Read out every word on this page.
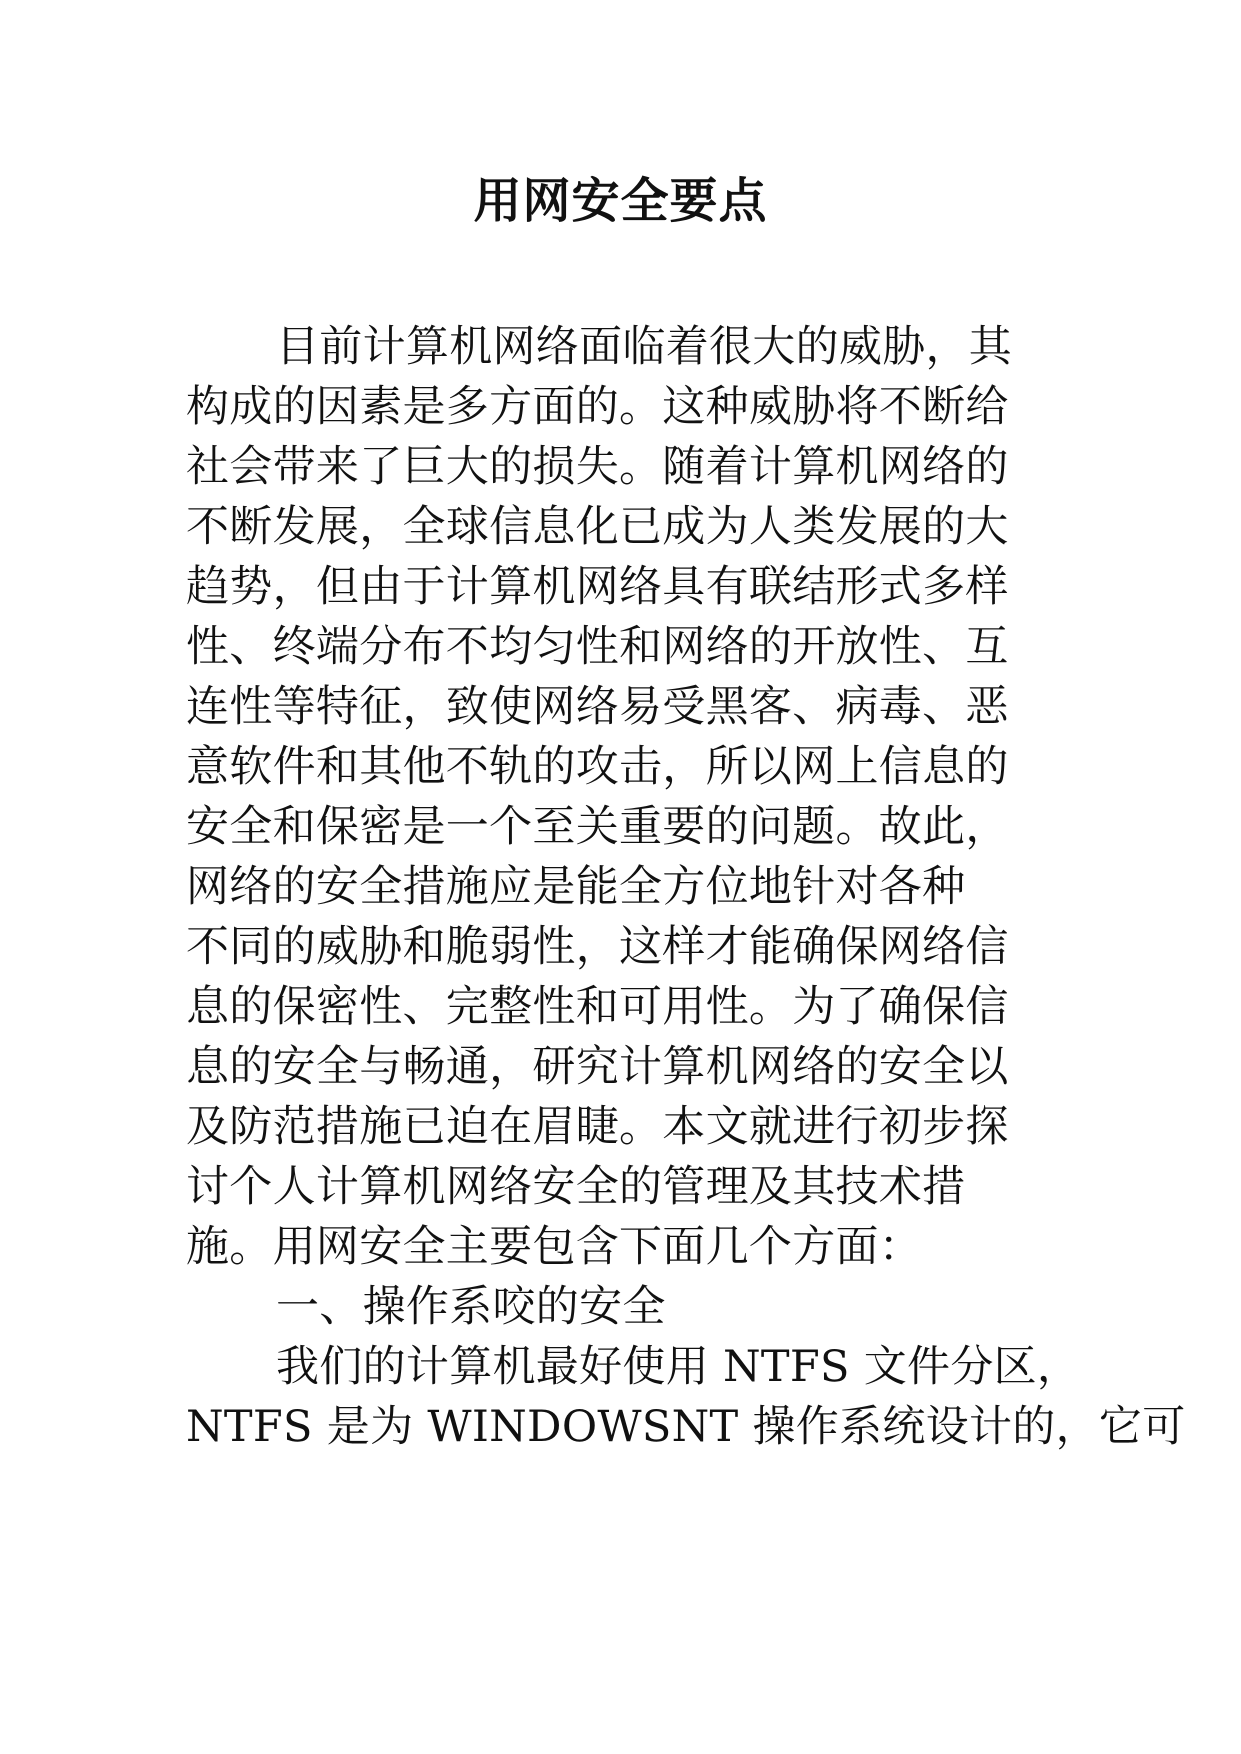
用网安全要点
目前计算机网络面临着很大的威胁，其
构成的因素是多方面的。这种威胁将不断给
社会带来了巨大的损失。随着计算机网络的
不断发展，全球信息化已成为人类发展的大
趋势，但由于计算机网络具有联结形式多样
性、终端分布不均匀性和网络的开放性、互
连性等特征，致使网络易受黑客、病毒、恶
意软件和其他不轨的攻击，所以网上信息的
安全和保密是一个至关重要的问题。故此，
网络的安全措施应是能全方位地针对各种
不同的威胁和脆弱性，这样才能确保网络信
息的保密性、完整性和可用性。为了确保信
息的安全与畅通，研究计算机网络的安全以
及防范措施已迫在眉睫。本文就进行初步探
讨个人计算机网络安全的管理及其技术措
施。用网安全主要包含下面几个方面：
一、操作系咬的安全
我们的计算机最好使用 NTFS 文件分区，
NTFS 是为 WINDOWSNT 操作系统设计的，它可
